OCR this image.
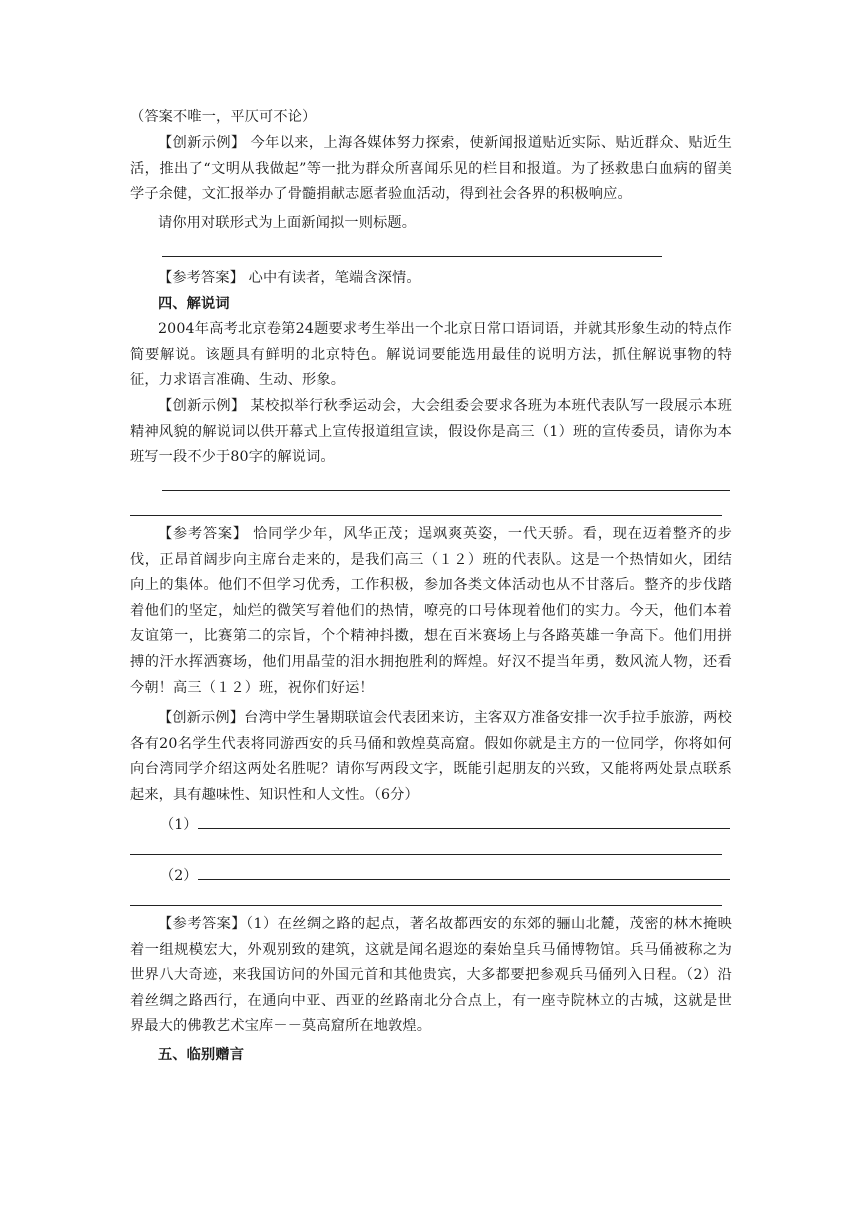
（答案不唯一，平仄可不论）

【创新示例】 今年以来，上海各媒体努力探索，使新闻报道贴近实际、贴近群众、贴近生活，推出了“文明从我做起”等一批为群众所喜闻乐见的栏目和报道。为了拯救患白血病的留美学子余健，文汇报举办了骨髓捐献志愿者验血活动，得到社会各界的积极响应。

请你用对联形式为上面新闻拟一则标题。

【参考答案】 心中有读者，笔端含深情。

四、解说词

2004年高考北京卷第24题要求考生举出一个北京日常口语词语，并就其形象生动的特点作简要解说。该题具有鲜明的北京特色。解说词要能选用最佳的说明方法，抓住解说事物的特征，力求语言准确、生动、形象。

【创新示例】 某校拟举行秋季运动会，大会组委会要求各班为本班代表队写一段展示本班精神风貌的解说词以供开幕式上宣传报道组宣读，假设你是高三（1）班的宣传委员，请你为本班写一段不少于80字的解说词。

【参考答案】 恰同学少年，风华正茂；逞飒爽英姿，一代天骄。看，现在迈着整齐的步伐，正昂首阔步向主席台走来的，是我们高三（１２）班的代表队。这是一个热情如火，团结向上的集体。他们不但学习优秀，工作积极，参加各类文体活动也从不甘落后。整齐的步伐踏着他们的坚定，灿烂的微笑写着他们的热情，嘹亮的口号体现着他们的实力。今天，他们本着友谊第一，比赛第二的宗旨，个个精神抖擞，想在百米赛场上与各路英雄一争高下。他们用拼搏的汗水挥洒赛场，他们用晶莹的泪水拥抱胜利的辉煌。好汉不提当年勇，数风流人物，还看今朝！高三（１２）班，祝你们好运！

【创新示例】台湾中学生暑期联谊会代表团来访，主客双方准备安排一次手拉手旅游，两校各有20名学生代表将同游西安的兵马俑和敦煌莫高窟。假如你就是主方的一位同学，你将如何向台湾同学介绍这两处名胜呢？请你写两段文字，既能引起朋友的兴致，又能将两处景点联系起来，具有趣味性、知识性和人文性。（6分）

（1）
（2）

【参考答案】（1）在丝绸之路的起点，著名故都西安的东郊的骊山北麓，茂密的林木掩映着一组规模宏大，外观别致的建筑，这就是闻名遐迩的秦始皇兵马俑博物馆。兵马俑被称之为世界八大奇迹，来我国访问的外国元首和其他贵宾，大多都要把参观兵马俑列入日程。（2）沿着丝绸之路西行，在通向中亚、西亚的丝路南北分合点上，有一座寺院林立的古城，这就是世界最大的佛教艺术宝库－－莫高窟所在地敦煌。

五、临别赠言
